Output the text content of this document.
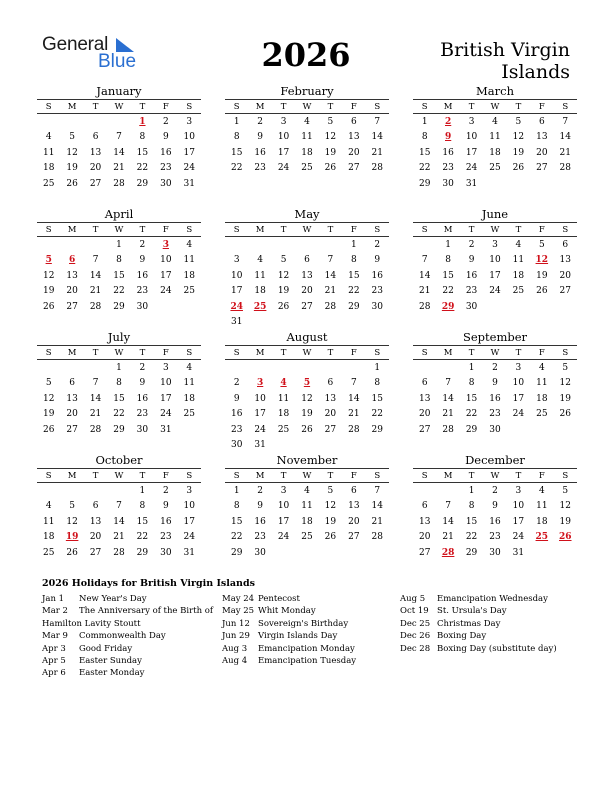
General
Blue	2026	British Virgin
Islands
January
S	M	T	W	T	F	S
				1	2	3
4	5	6	7	8	9	10
11	12	13	14	15	16	17
18	19	20	21	22	23	24
25	26	27	28	29	30	31
February
S	M	T	W	T	F	S
1	2	3	4	5	6	7
8	9	10	11	12	13	14
15	16	17	18	19	20	21
22	23	24	25	26	27	28
March
S	M	T	W	T	F	S
1	2	3	4	5	6	7
8	9	10	11	12	13	14
15	16	17	18	19	20	21
22	23	24	25	26	27	28
29	30	31				
April
S	M	T	W	T	F	S
			1	2	3	4
5	6	7	8	9	10	11
12	13	14	15	16	17	18
19	20	21	22	23	24	25
26	27	28	29	30		
May
S	M	T	W	T	F	S
					1	2
3	4	5	6	7	8	9
10	11	12	13	14	15	16
17	18	19	20	21	22	23
24	25	26	27	28	29	30
31						
June
S	M	T	W	T	F	S
	1	2	3	4	5	6
7	8	9	10	11	12	13
14	15	16	17	18	19	20
21	22	23	24	25	26	27
28	29	30				
July
S	M	T	W	T	F	S
			1	2	3	4
5	6	7	8	9	10	11
12	13	14	15	16	17	18
19	20	21	22	23	24	25
26	27	28	29	30	31	
August
S	M	T	W	T	F	S
						1
2	3	4	5	6	7	8
9	10	11	12	13	14	15
16	17	18	19	20	21	22
23	24	25	26	27	28	29
30	31					
September
S	M	T	W	T	F	S
		1	2	3	4	5
6	7	8	9	10	11	12
13	14	15	16	17	18	19
20	21	22	23	24	25	26
27	28	29	30			
October
S	M	T	W	T	F	S
				1	2	3
4	5	6	7	8	9	10
11	12	13	14	15	16	17
18	19	20	21	22	23	24
25	26	27	28	29	30	31
November
S	M	T	W	T	F	S
1	2	3	4	5	6	7
8	9	10	11	12	13	14
15	16	17	18	19	20	21
22	23	24	25	26	27	28
29	30					
December
S	M	T	W	T	F	S
		1	2	3	4	5
6	7	8	9	10	11	12
13	14	15	16	17	18	19
20	21	22	23	24	25	26
27	28	29	30	31		
2026 Holidays for British Virgin Islands
Jan 1 New Year's Day
Mar 2 The Anniversary of the Birth of
Hamilton Lavity Stoutt
Mar 9 Commonwealth Day
Apr 3 Good Friday
Apr 5 Easter Sunday
Apr 6 Easter Monday
May 24 Pentecost
May 25 Whit Monday
Jun 12 Sovereign's Birthday
Jun 29 Virgin Islands Day
Aug 3 Emancipation Monday
Aug 4 Emancipation Tuesday
Aug 5 Emancipation Wednesday
Oct 19 St. Ursula's Day
Dec 25 Christmas Day
Dec 26 Boxing Day
Dec 28 Boxing Day (substitute day)
